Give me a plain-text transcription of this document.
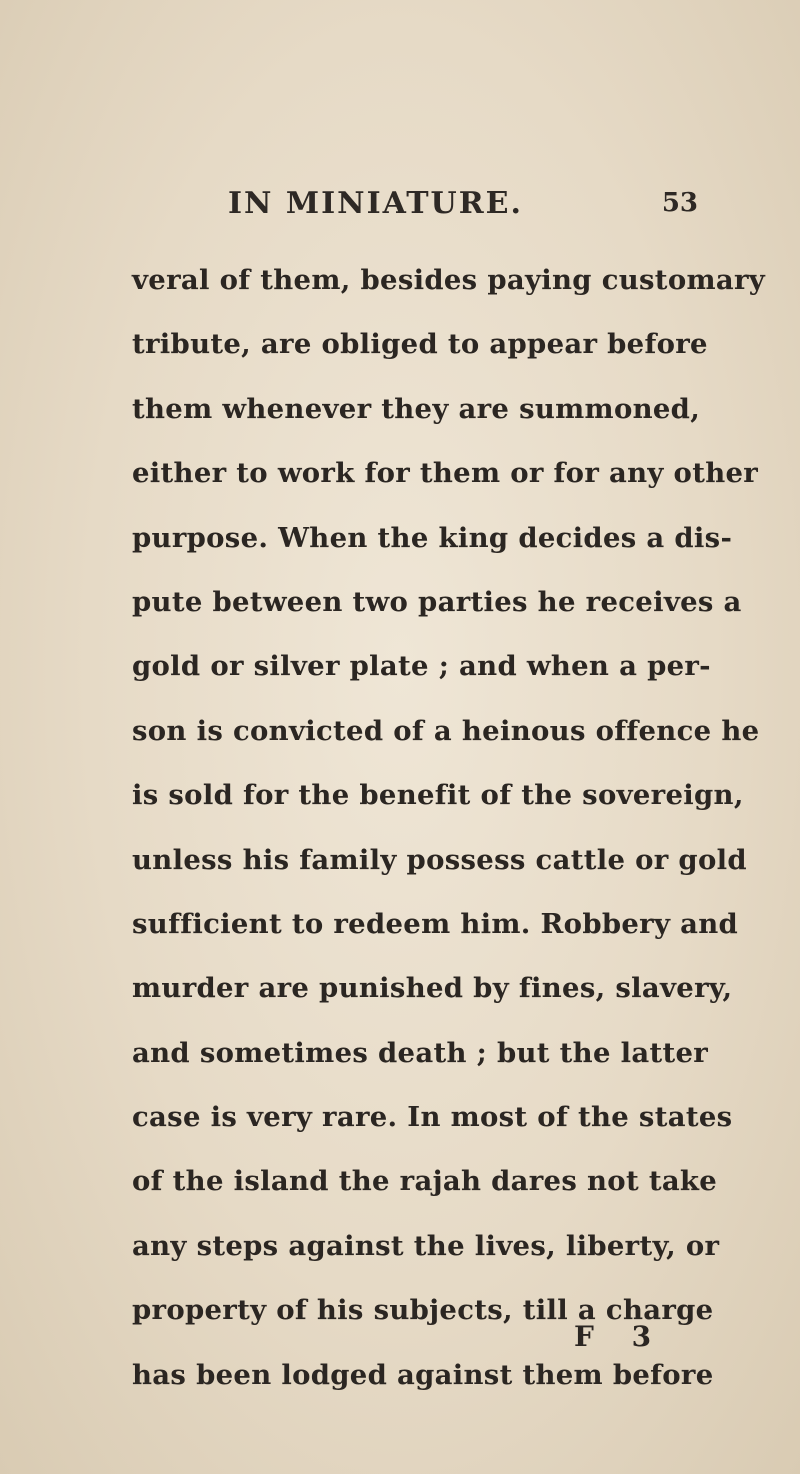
IN MINIATURE.	53
veral of them, besides paying customary
tribute, are obliged to appear before
them whenever they are summoned,
either to work for them or for any other
purpose. When the king decides a dis-
pute between two parties he receives a
gold or silver plate ; and when a per-
son is convicted of a heinous offence he
is sold for the benefit of the sovereign,
unless his family possess cattle or gold
sufficient to redeem him. Robbery and
murder are punished by fines, slavery,
and sometimes death ; but the latter
case is very rare. In most of the states
of the island the rajah dares not take
any steps against the lives, liberty, or
property of his subjects, till a charge
has been lodged against them before
F 3
